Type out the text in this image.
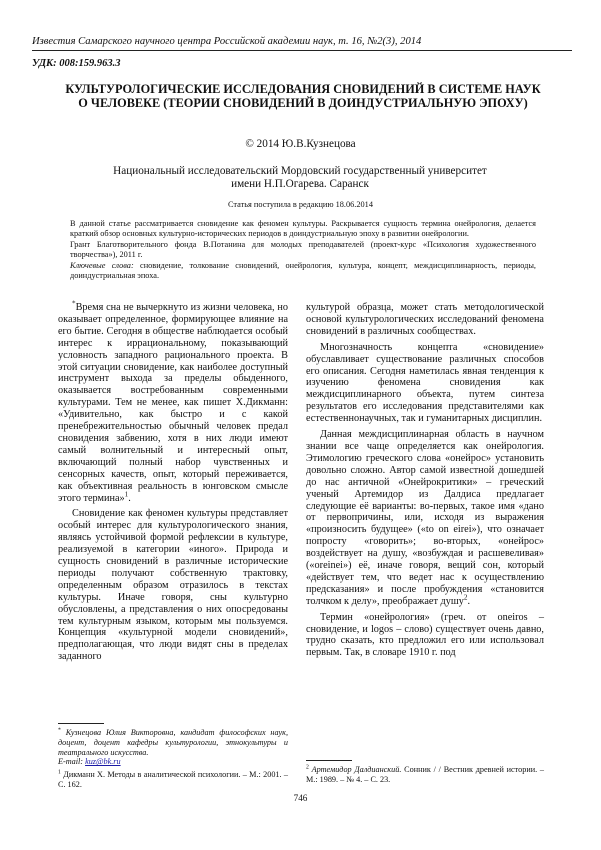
Известия Самарского научного центра Российской академии наук, т. 16, №2(3), 2014
УДК: 008:159.963.3
КУЛЬТУРОЛОГИЧЕСКИЕ ИССЛЕДОВАНИЯ СНОВИДЕНИЙ В СИСТЕМЕ НАУК О ЧЕЛОВЕКЕ (ТЕОРИИ СНОВИДЕНИЙ В ДОИНДУСТРИАЛЬНУЮ ЭПОХУ)
© 2014 Ю.В.Кузнецова
Национальный исследовательский Мордовский государственный университет имени Н.П.Огарева. Саранск
Статья поступила в редакцию 18.06.2014

В данной статье рассматривается сновидение как феномен культуры. Раскрывается сущность термина онейрология, делается краткий обзор основных культурно-исторических периодов в доиндустриальную эпоху в развитии онейрологии.

Грант Благотворительного фонда В.Потанина для молодых преподавателей (проект-курс «Психология художественного творчества»), 2011 г.

Ключевые слова: сновидение, толкование сновидений, онейрология, культура, концепт, междисциплинарность, периоды, доиндустриальная эпоха.

*Время сна не вычеркнуто из жизни человека, но оказывает определенное, формирующее влияние на его бытие. Сегодня в обществе наблюдается особый интерес к иррациональному, показывающий условность западного рационального проекта. В этой ситуации сновидение, как наиболее доступный инструмент выхода за пределы обыденного, оказывается востребованным современными культурами. Тем не менее, как пишет Х.Дикманн: «Удивительно, как быстро и с какой пренебрежительностью обычный человек предал сновидения забвению, хотя в них люди имеют самый волнительный и интересный опыт, включающий полный набор чувственных и сенсорных качеств, опыт, который переживается, как объективная реальность в юнговском смысле этого термина»$^1$.

Сновидение как феномен культуры представляет особый интерес для культурологического знания, являясь устойчивой формой рефлексии в культуре, реализуемой в категории «иного». Природа и сущность сновидений в различные исторические периоды получают собственную трактовку, определенным образом отразилось в текстах культуры. Иначе говоря, сны культурно обусловлены, а представления о них опосредованы тем культурным языком, которым мы пользуемся. Концепция «культурной модели сновидений», предполагающая, что люди видят сны в пределах заданного

культурой образца, может стать методологической основой культурологических исследований феномена сновидений в различных сообществах.

Многозначность концепта «сновидение» обуславливает существование различных способов его описания. Сегодня наметилась явная тенденция к изучению феномена сновидения как междисциплинарного объекта, путем синтеза результатов его исследования представителями как естественнонаучных, так и гуманитарных дисциплин.

Данная междисциплинарная область в научном знании все чаще определяется как онейрология. Этимологию греческого слова «онейрос» установить довольно сложно. Автор самой известной дошедшей до нас античной «Онейрокритики» – греческий ученый Артемидор из Далдиса предлагает следующие её варианты: во-первых, такое имя «дано от первопричины, или, исходя из выражения «произносить будущее» («to on eirei»), что означает попросту «говорить»; во-вторых, «онейрос» воздействует на душу, «возбуждая и расшевеливая» («oreinei») её, иначе говоря, вещий сон, который «действует тем, что ведет нас к осуществлению предсказания» и после пробуждения «становится толчком к делу», преображает душу$^2$.

Термин «онейрология» (греч. от oneiros – сновидение, и logos – слово) существует очень давно, трудно сказать, кто предложил его или использовал первым. Так, в словаре 1910 г. под

* Кузнецова Юлия Викторовна, кандидат философских наук, доцент, доцент кафедры культурологии, этнокультуры и театрального искусства.
E-mail: kuz@bk.ru

$^1$ Дикманн Х. Методы в аналитической психологии. – М.: 2001. – С. 162.

$^2$ Артемидор Далдианский. Сонник / / Вестник древней истории. – М.: 1989. – № 4. – С. 23.

746
